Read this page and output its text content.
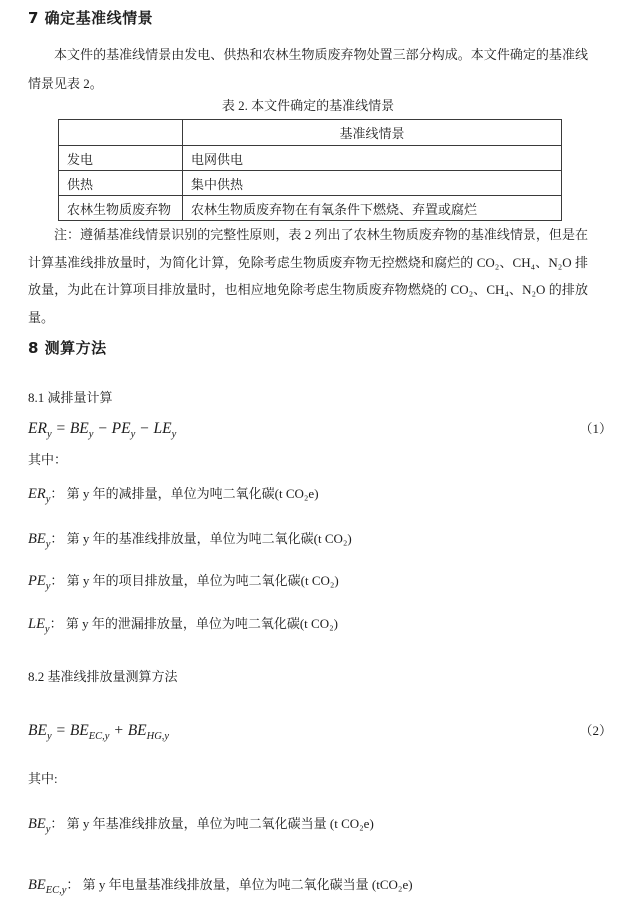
7 确定基准线情景

本文件的基准线情景由发电、供热和农林生物质废弃物处置三部分构成。本文件确定的基准线情景见表 2。

表 2. 本文件确定的基准线情景
	基准线情景
发电	电网供电
供热	集中供热
农林生物质废弃物	农林生物质废弃物在有氧条件下燃烧、弃置或腐烂

注：遵循基准线情景识别的完整性原则，表 2 列出了农林生物质废弃物的基准线情景，但是在计算基准线排放量时，为简化计算，免除考虑生物质废弃物无控燃烧和腐烂的 CO₂、CH₄、N₂O 排放量，为此在计算项目排放量时，也相应地免除考虑生物质废弃物燃烧的 CO₂、CH₄、N₂O 的排放量。

8 测算方法
8.1 减排量计算
$ER_y = BE_y - PE_y - LE_y$	（1）
其中：
$ER_y$： 第 y 年的减排量，单位为吨二氧化碳(t CO₂e)
$BE_y$： 第 y 年的基准线排放量，单位为吨二氧化碳(t CO₂)
$PE_y$： 第 y 年的项目排放量，单位为吨二氧化碳(t CO₂)
$LE_y$： 第 y 年的泄漏排放量，单位为吨二氧化碳(t CO₂)
8.2 基准线排放量测算方法
$BE_y = BE_{EC,y} + BE_{HG,y}$	（2）
其中:
$BE_y$： 第 y 年基准线排放量，单位为吨二氧化碳当量 (t CO₂e)
$BE_{EC,y}$： 第 y 年电量基准线排放量，单位为吨二氧化碳当量 (tCO₂e)
